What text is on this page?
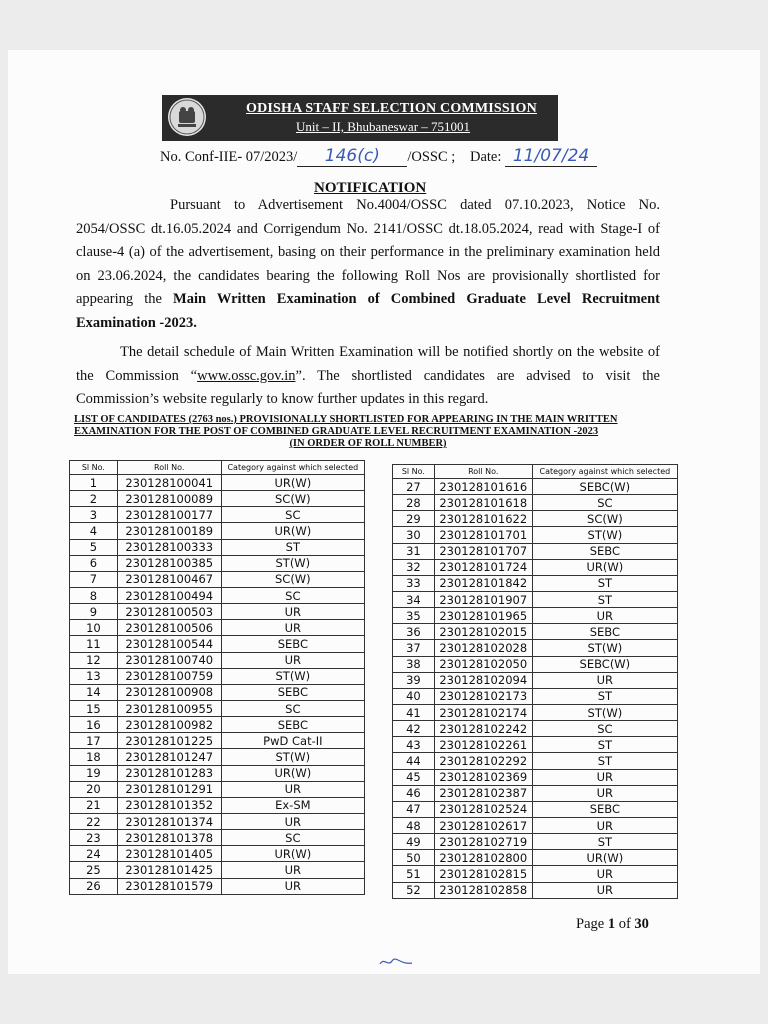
ODISHA STAFF SELECTION COMMISSION
Unit – II, Bhubaneswar – 751001
No. Conf-IIE- 07/2023/ 146(c) /OSSC ; Date: 11/07/24
NOTIFICATION

Pursuant to Advertisement No.4004/OSSC dated 07.10.2023, Notice No. 2054/OSSC dt.16.05.2024 and Corrigendum No. 2141/OSSC dt.18.05.2024, read with Stage-I of clause-4 (a) of the advertisement, basing on their performance in the preliminary examination held on 23.06.2024, the candidates bearing the following Roll Nos are provisionally shortlisted for appearing the Main Written Examination of Combined Graduate Level Recruitment Examination -2023.

The detail schedule of Main Written Examination will be notified shortly on the website of the Commission “www.ossc.gov.in”. The shortlisted candidates are advised to visit the Commission’s website regularly to know further updates in this regard.

LIST OF CANDIDATES (2763 nos.) PROVISIONALLY SHORTLISTED FOR APPEARING IN THE MAIN WRITTEN EXAMINATION FOR THE POST OF COMBINED GRADUATE LEVEL RECRUITMENT EXAMINATION -2023
(IN ORDER OF ROLL NUMBER)
Sl No.	Roll No.	Category against which selected
1	230128100041	UR(W)
2	230128100089	SC(W)
3	230128100177	SC
4	230128100189	UR(W)
5	230128100333	ST
6	230128100385	ST(W)
7	230128100467	SC(W)
8	230128100494	SC
9	230128100503	UR
10	230128100506	UR
11	230128100544	SEBC
12	230128100740	UR
13	230128100759	ST(W)
14	230128100908	SEBC
15	230128100955	SC
16	230128100982	SEBC
17	230128101225	PwD Cat-II
18	230128101247	ST(W)
19	230128101283	UR(W)
20	230128101291	UR
21	230128101352	Ex-SM
22	230128101374	UR
23	230128101378	SC
24	230128101405	UR(W)
25	230128101425	UR
26	230128101579	UR
Sl No.	Roll No.	Category against which selected
27	230128101616	SEBC(W)
28	230128101618	SC
29	230128101622	SC(W)
30	230128101701	ST(W)
31	230128101707	SEBC
32	230128101724	UR(W)
33	230128101842	ST
34	230128101907	ST
35	230128101965	UR
36	230128102015	SEBC
37	230128102028	ST(W)
38	230128102050	SEBC(W)
39	230128102094	UR
40	230128102173	ST
41	230128102174	ST(W)
42	230128102242	SC
43	230128102261	ST
44	230128102292	ST
45	230128102369	UR
46	230128102387	UR
47	230128102524	SEBC
48	230128102617	UR
49	230128102719	ST
50	230128102800	UR(W)
51	230128102815	UR
52	230128102858	UR
Page 1 of 30
